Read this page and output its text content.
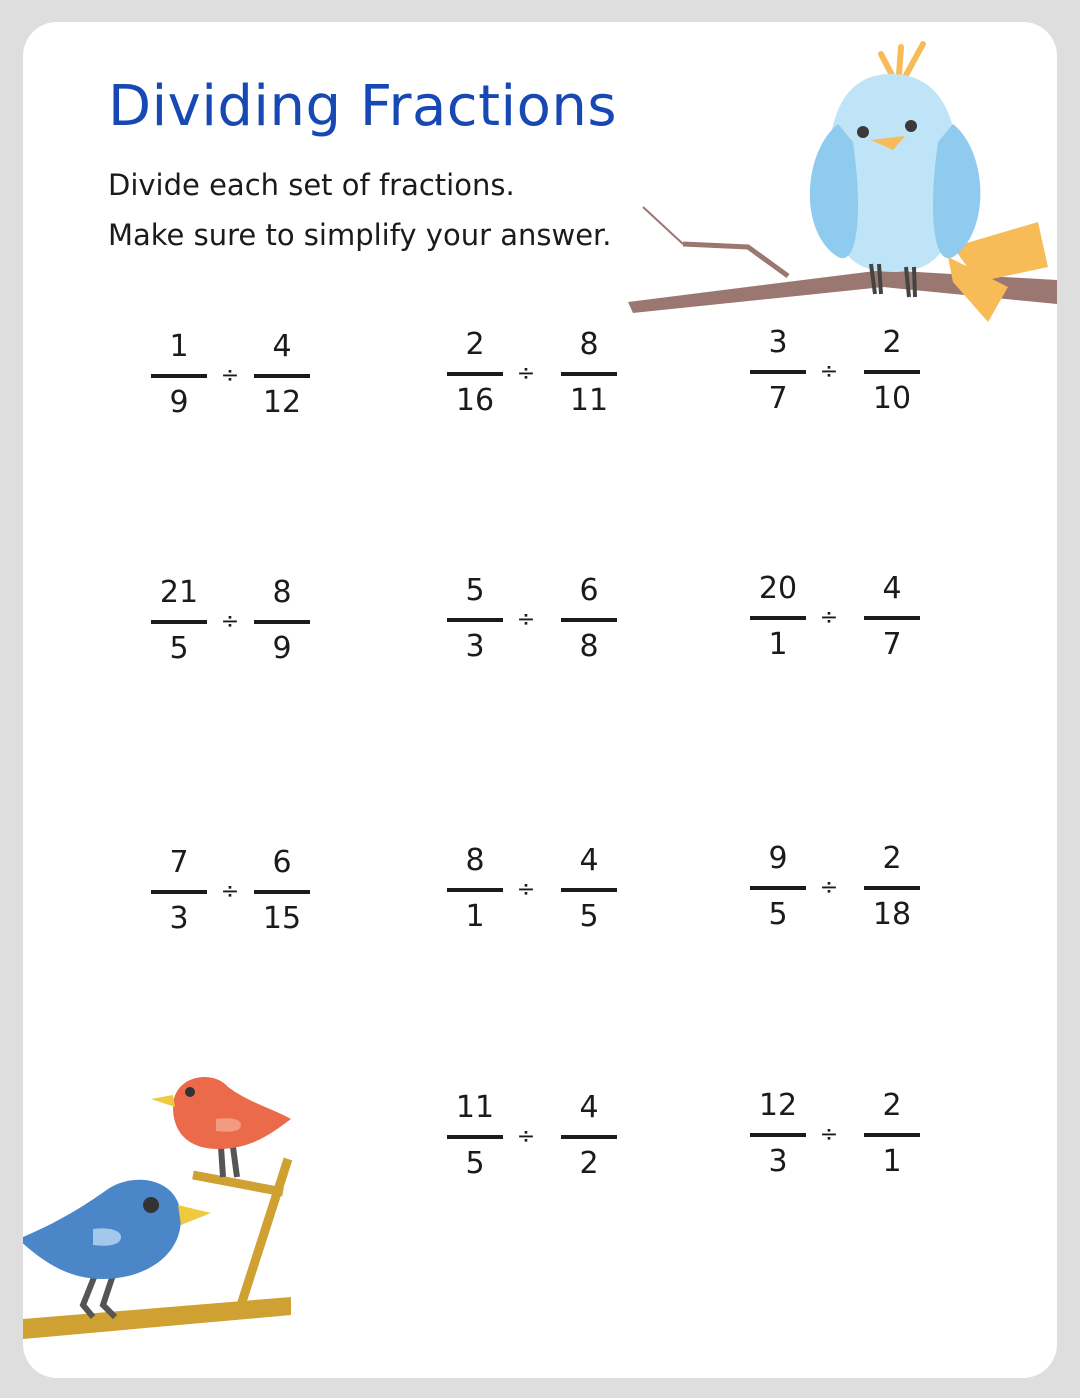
Dividing Fractions

Divide each set of fractions.

Make sure to simplify your answer.

1
9
÷
4
12
2
16
÷
8
11
3
7
÷
2
10
21
5
÷
8
9
5
3
÷
6
8
20
1
÷
4
7
7
3
÷
6
15
8
1
÷
4
5
9
5
÷
2
18
11
5
÷
4
2
12
3
÷
2
1
